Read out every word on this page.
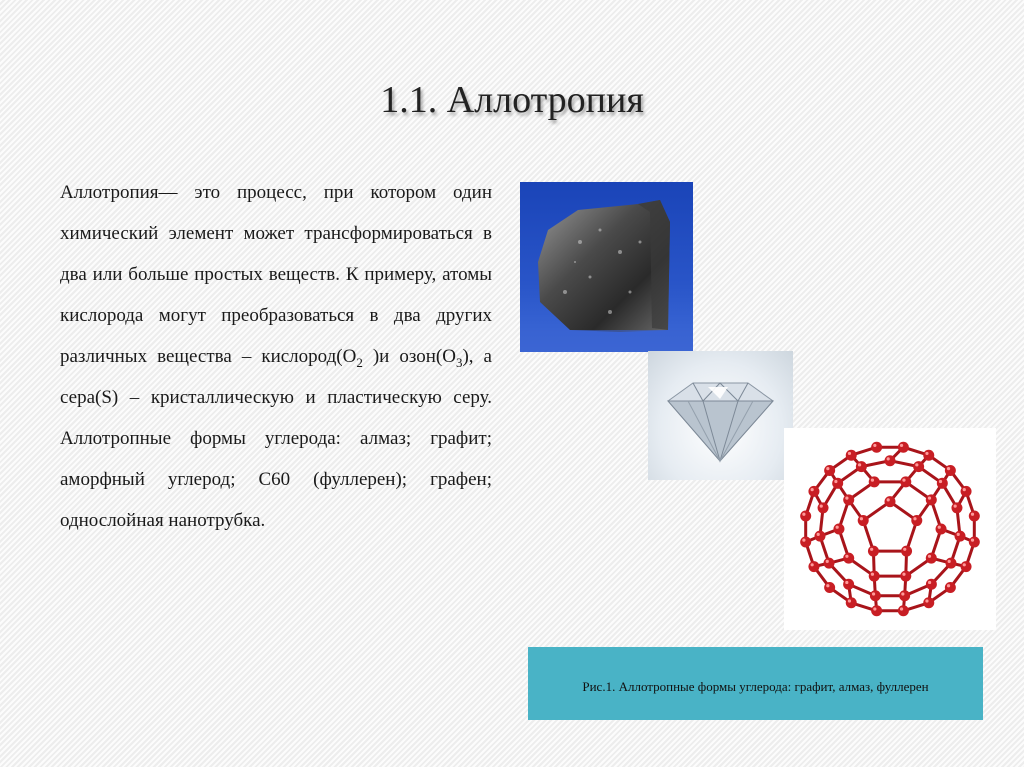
1.1. Аллотропия
Аллотропия— это процесс, при котором один химический элемент может трансформироваться в два или больше простых веществ. К примеру, атомы кислорода могут преобразоваться в два других различных вещества – $кислород(O_2$ )и $озон(O_3)$, а сера(S) – кристаллическую и пластическую серу. Аллотропные формы углерода: алмаз; графит; аморфный углерод; C60 (фуллерен); графен; однослойная нанотрубка.
Рис.1. Аллотропные формы углерода: графит, алмаз, фуллерен
